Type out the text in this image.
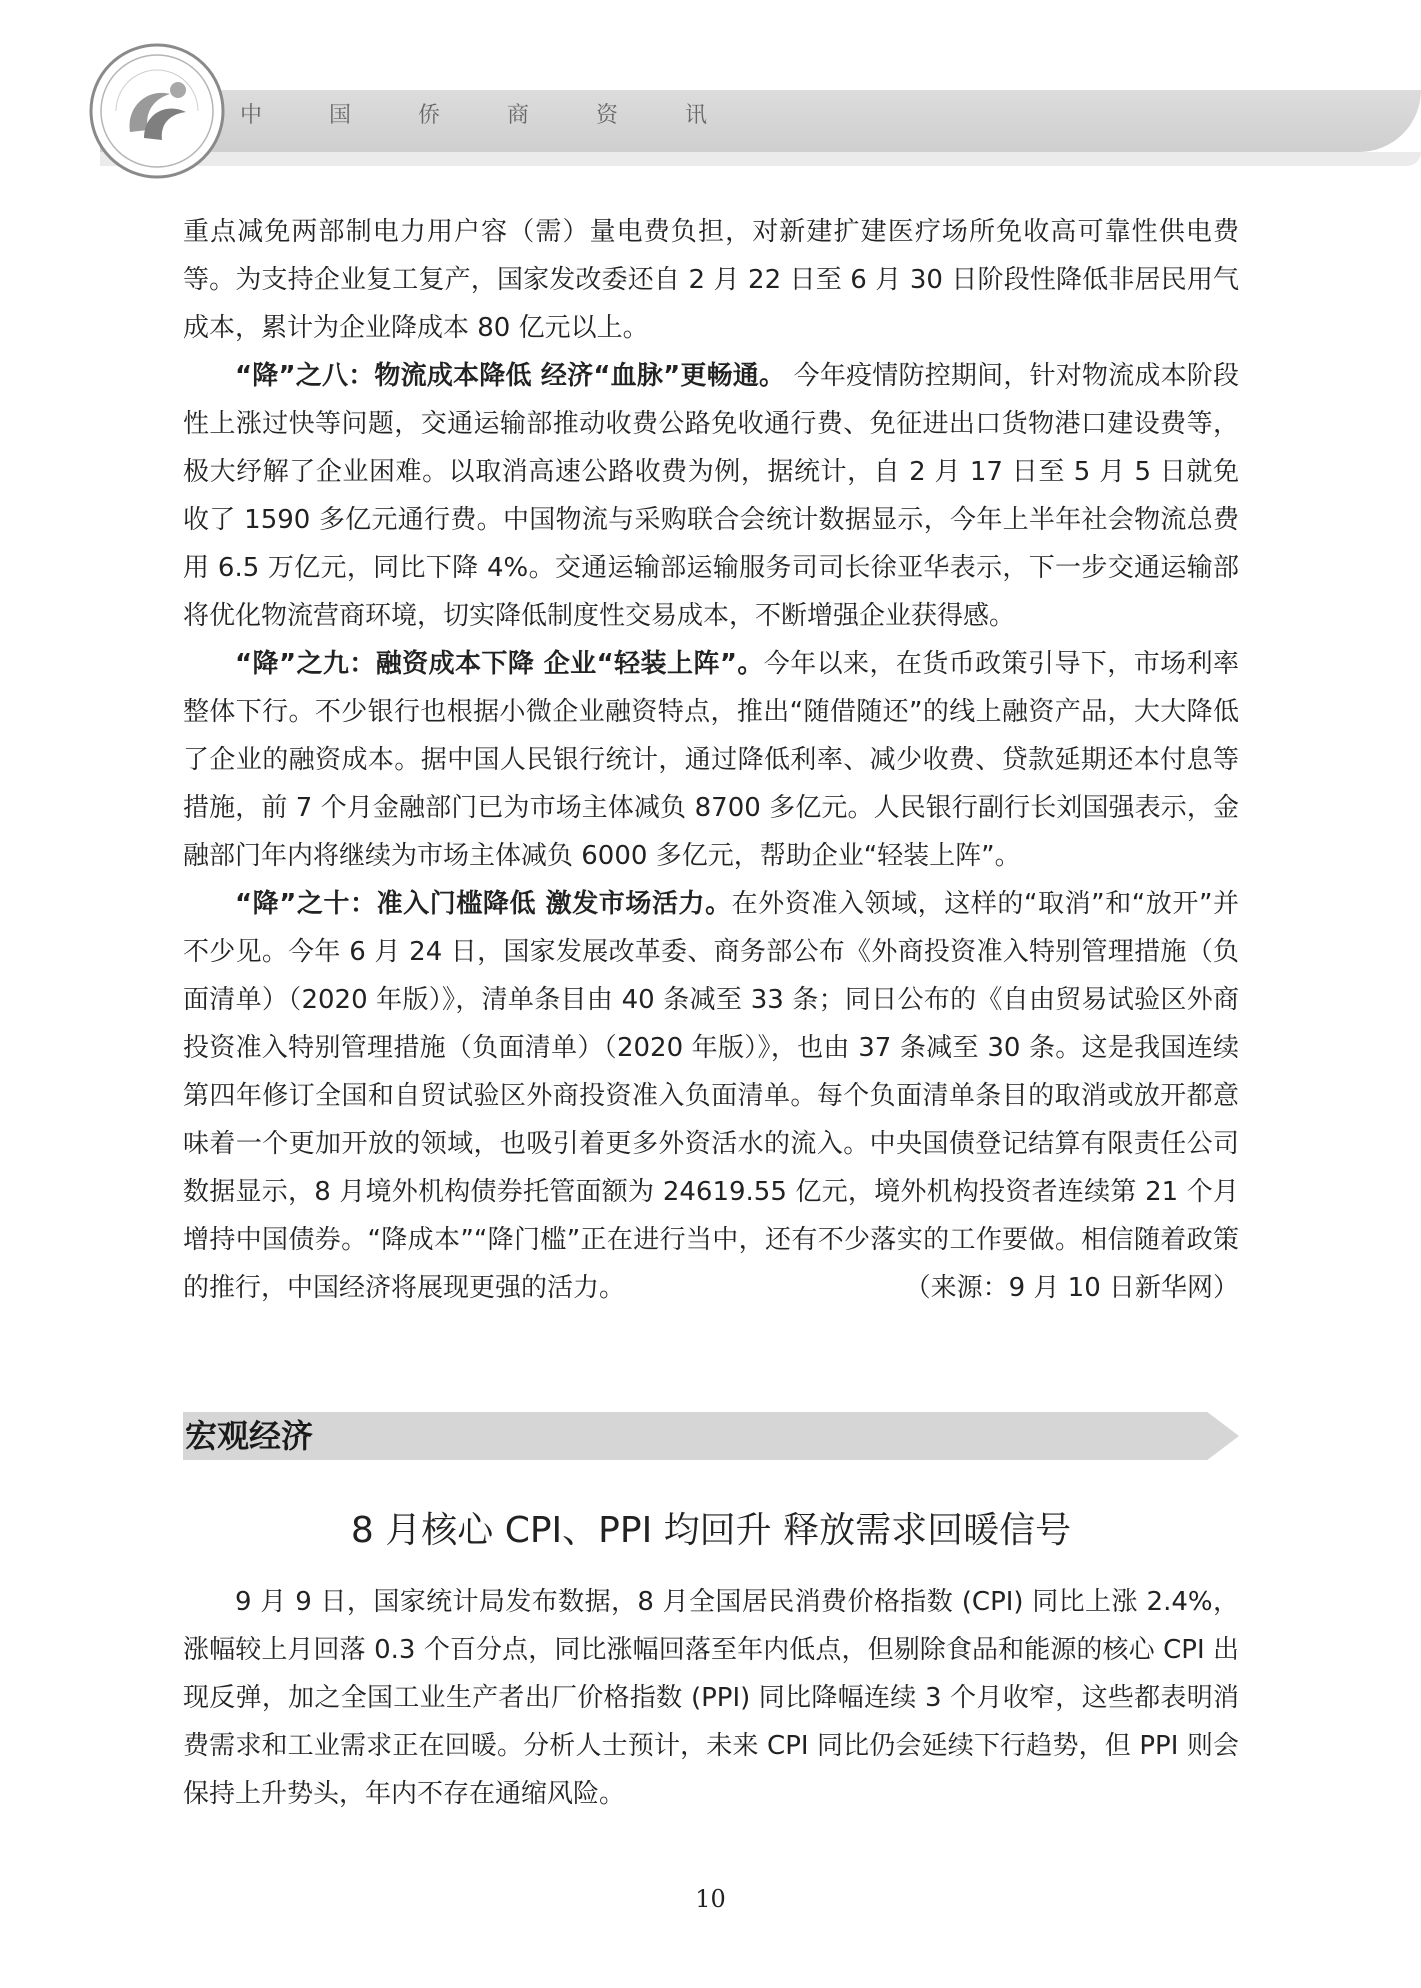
中 国 侨 商 资 讯

重点减免两部制电力用户容（需）量电费负担，对新建扩建医疗场所免收高可靠性供电费等。为支持企业复工复产，国家发改委还自 2 月 22 日至 6 月 30 日阶段性降低非居民用气成本，累计为企业降成本 80 亿元以上。

“降”之八：物流成本降低 经济“血脉”更畅通。 今年疫情防控期间，针对物流成本阶段性上涨过快等问题，交通运输部推动收费公路免收通行费、免征进出口货物港口建设费等，极大纾解了企业困难。以取消高速公路收费为例，据统计，自 2 月 17 日至 5 月 5 日就免收了 1590 多亿元通行费。中国物流与采购联合会统计数据显示，今年上半年社会物流总费用 6.5 万亿元，同比下降 4%。交通运输部运输服务司司长徐亚华表示，下一步交通运输部将优化物流营商环境，切实降低制度性交易成本，不断增强企业获得感。

“降”之九：融资成本下降 企业“轻装上阵”。今年以来，在货币政策引导下，市场利率整体下行。不少银行也根据小微企业融资特点，推出“随借随还”的线上融资产品，大大降低了企业的融资成本。据中国人民银行统计，通过降低利率、减少收费、贷款延期还本付息等措施，前 7 个月金融部门已为市场主体减负 8700 多亿元。人民银行副行长刘国强表示，金融部门年内将继续为市场主体减负 6000 多亿元，帮助企业“轻装上阵”。

“降”之十：准入门槛降低 激发市场活力。在外资准入领域，这样的“取消”和“放开”并不少见。今年 6 月 24 日，国家发展改革委、商务部公布《外商投资准入特别管理措施（负面清单）（2020 年版）》，清单条目由 40 条减至 33 条；同日公布的《自由贸易试验区外商投资准入特别管理措施（负面清单）（2020 年版）》，也由 37 条减至 30 条。这是我国连续第四年修订全国和自贸试验区外商投资准入负面清单。每个负面清单条目的取消或放开都意味着一个更加开放的领域，也吸引着更多外资活水的流入。中央国债登记结算有限责任公司数据显示，8 月境外机构债券托管面额为 24619.55 亿元，境外机构投资者连续第 21 个月增持中国债券。“降成本”“降门槛”正在进行当中，还有不少落实的工作要做。相信随着政策的推行，中国经济将展现更强的活力。	（来源：9 月 10 日新华网）

宏观经济
8 月核心 CPI、PPI 均回升 释放需求回暖信号

9 月 9 日，国家统计局发布数据，8 月全国居民消费价格指数 (CPI) 同比上涨 2.4%，涨幅较上月回落 0.3 个百分点，同比涨幅回落至年内低点，但剔除食品和能源的核心 CPI 出现反弹，加之全国工业生产者出厂价格指数 (PPI) 同比降幅连续 3 个月收窄，这些都表明消费需求和工业需求正在回暖。分析人士预计，未来 CPI 同比仍会延续下行趋势，但 PPI 则会保持上升势头，年内不存在通缩风险。

10
